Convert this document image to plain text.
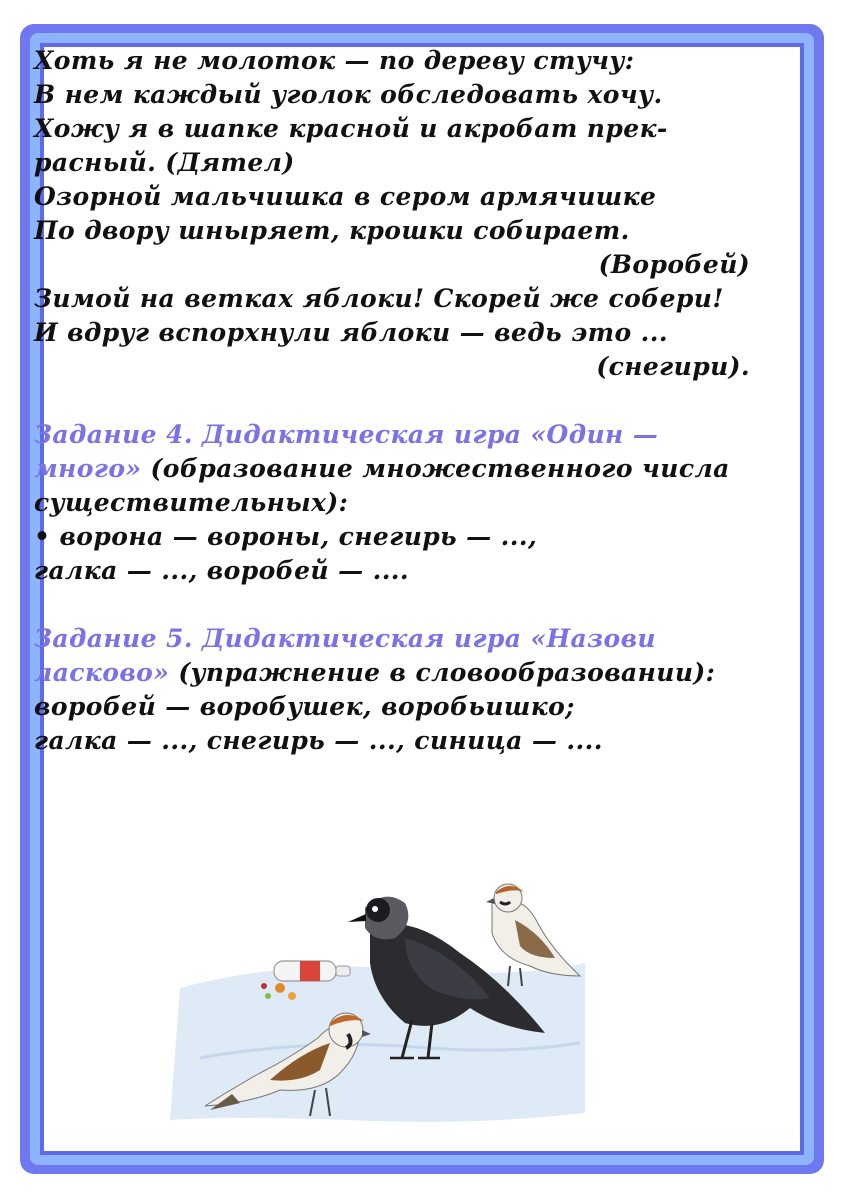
Хоть я не молоток — по дереву стучу:
В нем каждый уголок обследовать хочу.
Хожу я в шапке красной и акробат прек-
расный. (Дятел)
Озорной мальчишка в сером армячишке
По двору шныряет, крошки собирает.
(Воробей)
Зимой на ветках яблоки! Скорей же собери!
И вдруг вспорхнули яблоки — ведь это ...
(снегири).
Задание 4. Дидактическая игра «Один —
много» (образование множественного числа
существительных):
• ворона — вороны, снегирь — ...,
галка — ..., воробей — ....
Задание 5. Дидактическая игра «Назови
ласково» (упражнение в словообразовании):
воробей — воробушек, воробьишко;
галка — ..., снегирь — ..., синица — ....
